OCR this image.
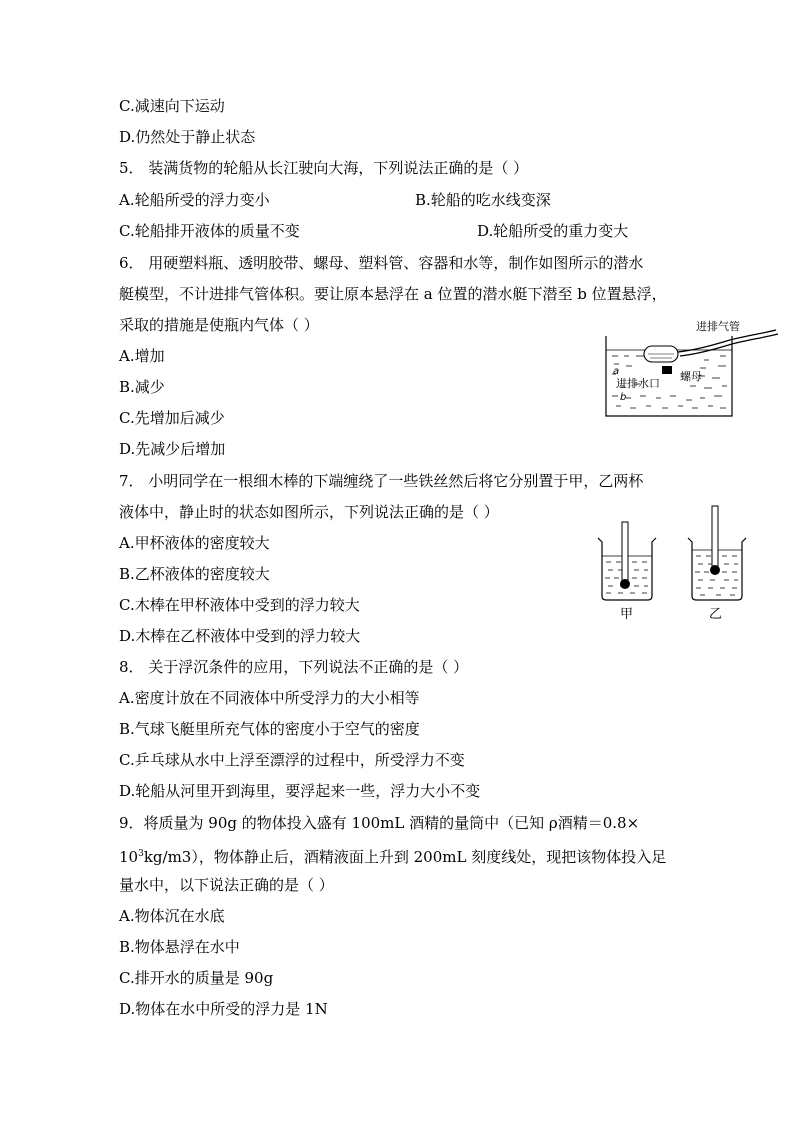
C.减速向下运动
D.仍然处于静止状态
5． 装满货物的轮船从长江驶向大海，下列说法正确的是（ ）
A.轮船所受的浮力变小	B.轮船的吃水线变深
C.轮船排开液体的质量不变	D.轮船所受的重力变大
6． 用硬塑料瓶、透明胶带、螺母、塑料管、容器和水等，制作如图所示的潜水
艇模型，不计进排气管体积。要让原本悬浮在 a 位置的潜水艇下潜至 b 位置悬浮，
采取的措施是使瓶内气体（ ）
A.增加
B.减少
C.先增加后减少
D.先减少后增加
进排气管
a
进排水口
螺母
b
7． 小明同学在一根细木棒的下端缠绕了一些铁丝然后将它分别置于甲，乙两杯
液体中，静止时的状态如图所示，下列说法正确的是（ ）
A.甲杯液体的密度较大
B.乙杯液体的密度较大
C.木棒在甲杯液体中受到的浮力较大
D.木棒在乙杯液体中受到的浮力较大
甲	乙
8． 关于浮沉条件的应用，下列说法不正确的是（ ）
A.密度计放在不同液体中所受浮力的大小相等
B.气球飞艇里所充气体的密度小于空气的密度
C.乒乓球从水中上浮至漂浮的过程中，所受浮力不变
D.轮船从河里开到海里，要浮起来一些，浮力大小不变
9．将质量为 90g 的物体投入盛有 100mL 酒精的量筒中（已知 ρ酒精＝0.8×
$10^3kg/m3$），物体静止后，酒精液面上升到 200mL 刻度线处，现把该物体投入足
量水中，以下说法正确的是（ ）
A.物体沉在水底
B.物体悬浮在水中
C.排开水的质量是 90g
D.物体在水中所受的浮力是 1N
